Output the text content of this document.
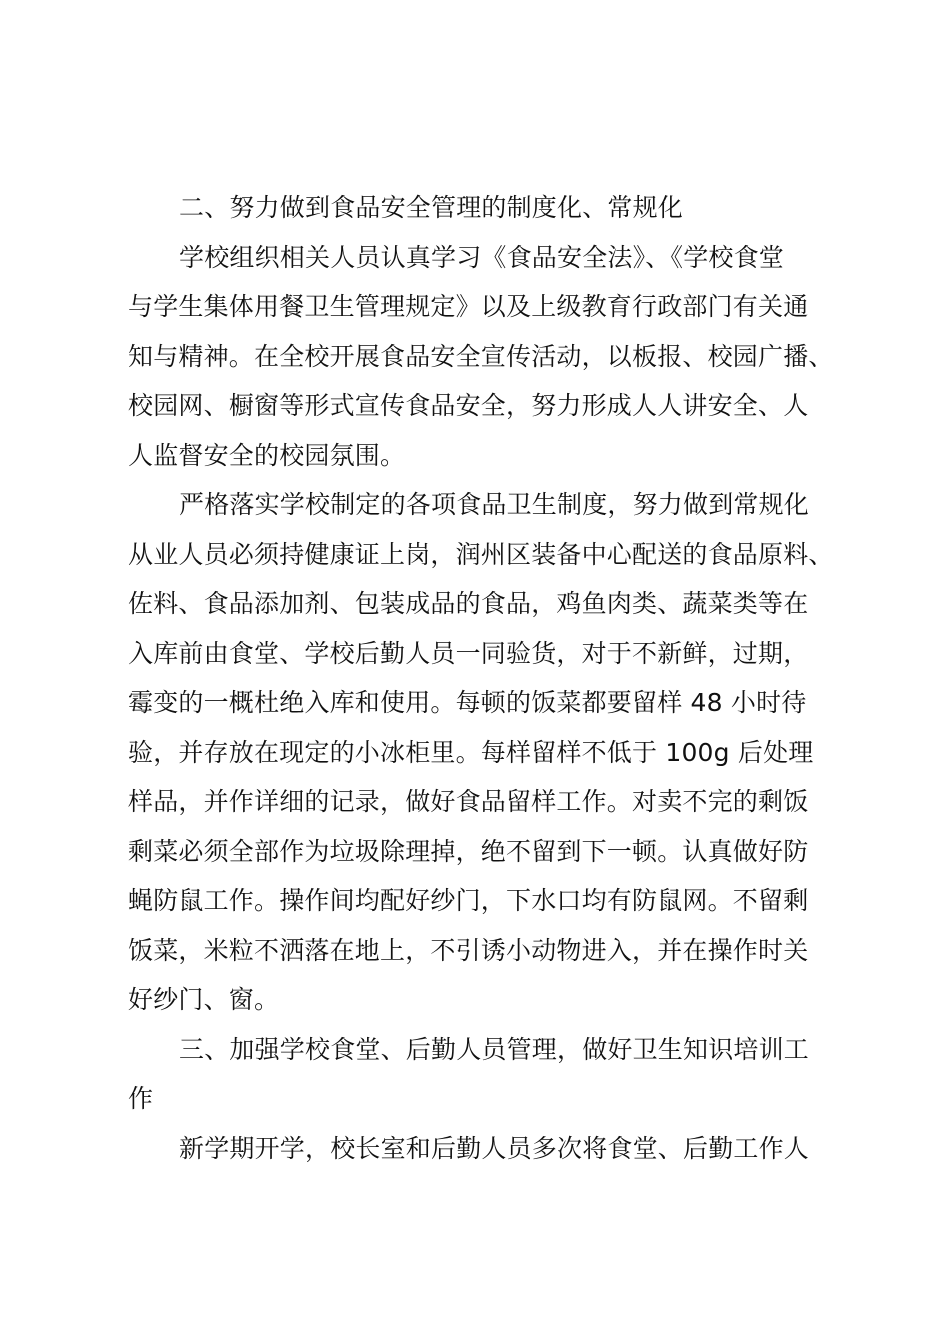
二、努力做到食品安全管理的制度化、常规化
学校组织相关人员认真学习《食品安全法》、《学校食堂
与学生集体用餐卫生管理规定》以及上级教育行政部门有关通
知与精神。在全校开展食品安全宣传活动，以板报、校园广播、
校园网、橱窗等形式宣传食品安全，努力形成人人讲安全、人
人监督安全的校园氛围。
严格落实学校制定的各项食品卫生制度，努力做到常规化
从业人员必须持健康证上岗，润州区装备中心配送的食品原料、
佐料、食品添加剂、包装成品的食品，鸡鱼肉类、蔬菜类等在
入库前由食堂、学校后勤人员一同验货，对于不新鲜，过期，
霉变的一概杜绝入库和使用。每顿的饭菜都要留样 48 小时待
验，并存放在现定的小冰柜里。每样留样不低于 100g 后处理
样品，并作详细的记录，做好食品留样工作。对卖不完的剩饭
剩菜必须全部作为垃圾除理掉，绝不留到下一顿。认真做好防
蝇防鼠工作。操作间均配好纱门，下水口均有防鼠网。不留剩
饭菜，米粒不洒落在地上，不引诱小动物进入，并在操作时关
好纱门、窗。
三、加强学校食堂、后勤人员管理，做好卫生知识培训工
作
新学期开学，校长室和后勤人员多次将食堂、后勤工作人
